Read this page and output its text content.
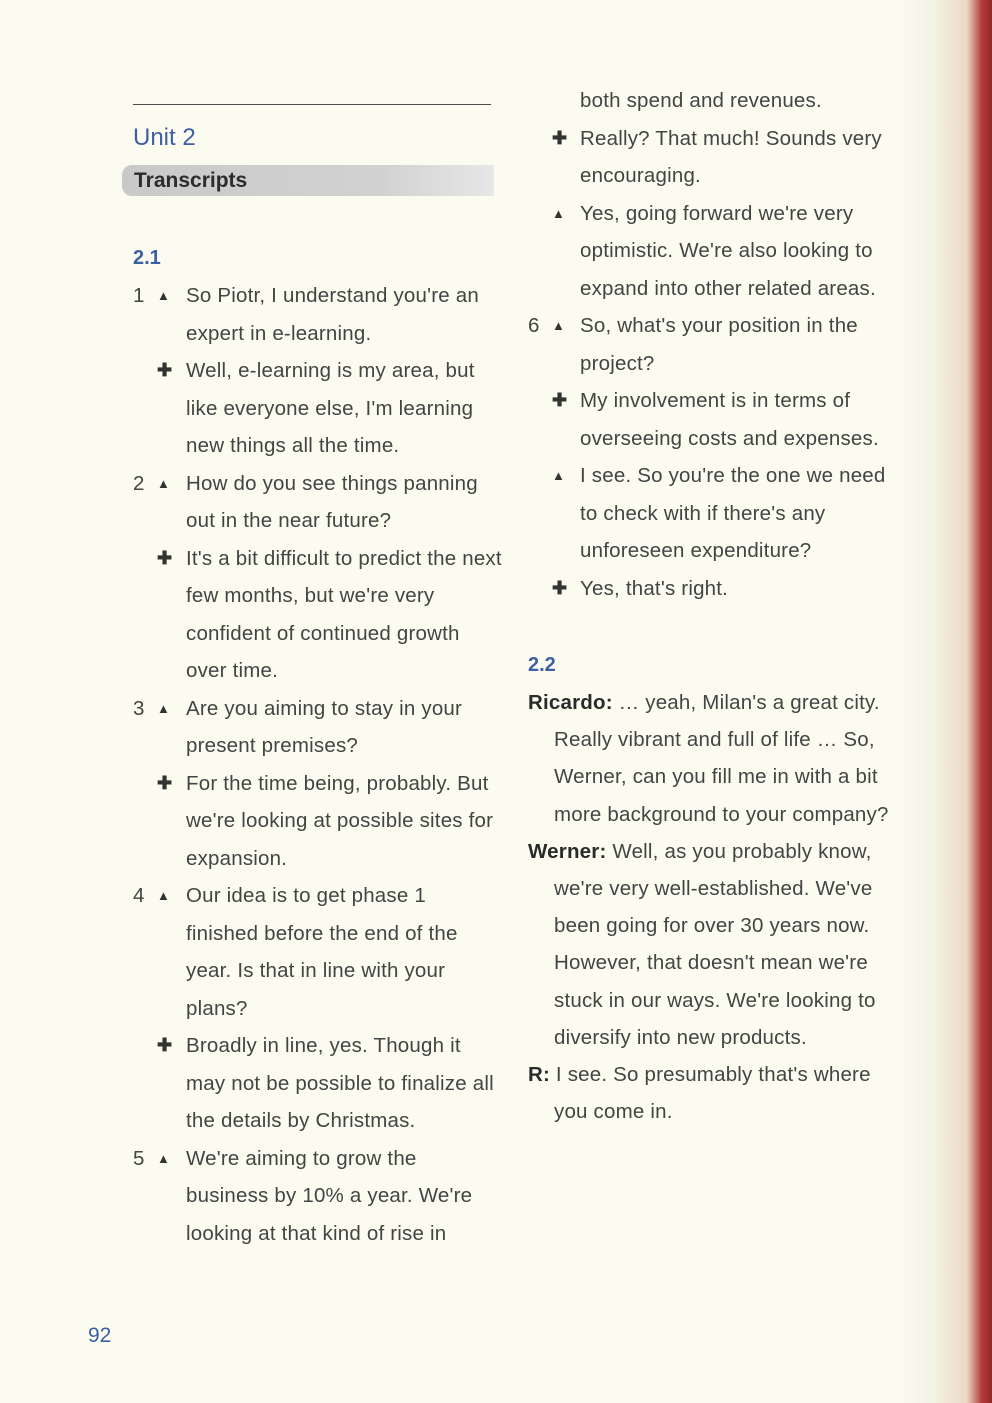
Unit 2
Transcripts
2.1
1 ▲ So Piotr, I understand you're an expert in e-learning.
✚ Well, e-learning is my area, but like everyone else, I'm learning new things all the time.
2 ▲ How do you see things panning out in the near future?
✚ It's a bit difficult to predict the next few months, but we're very confident of continued growth over time.
3 ▲ Are you aiming to stay in your present premises?
✚ For the time being, probably. But we're looking at possible sites for expansion.
4 ▲ Our idea is to get phase 1 finished before the end of the year. Is that in line with your plans?
✚ Broadly in line, yes. Though it may not be possible to finalize all the details by Christmas.
5 ▲ We're aiming to grow the business by 10% a year. We're looking at that kind of rise in
both spend and revenues.
✚ Really? That much! Sounds very encouraging.
▲ Yes, going forward we're very optimistic. We're also looking to expand into other related areas.
6 ▲ So, what's your position in the project?
✚ My involvement is in terms of overseeing costs and expenses.
▲ I see. So you're the one we need to check with if there's any unforeseen expenditure?
✚ Yes, that's right.
2.2
Ricardo: … yeah, Milan's a great city. Really vibrant and full of life … So, Werner, can you fill me in with a bit more background to your company?
Werner: Well, as you probably know, we're very well-established. We've been going for over 30 years now. However, that doesn't mean we're stuck in our ways. We're looking to diversify into new products.
R: I see. So presumably that's where you come in.
92
